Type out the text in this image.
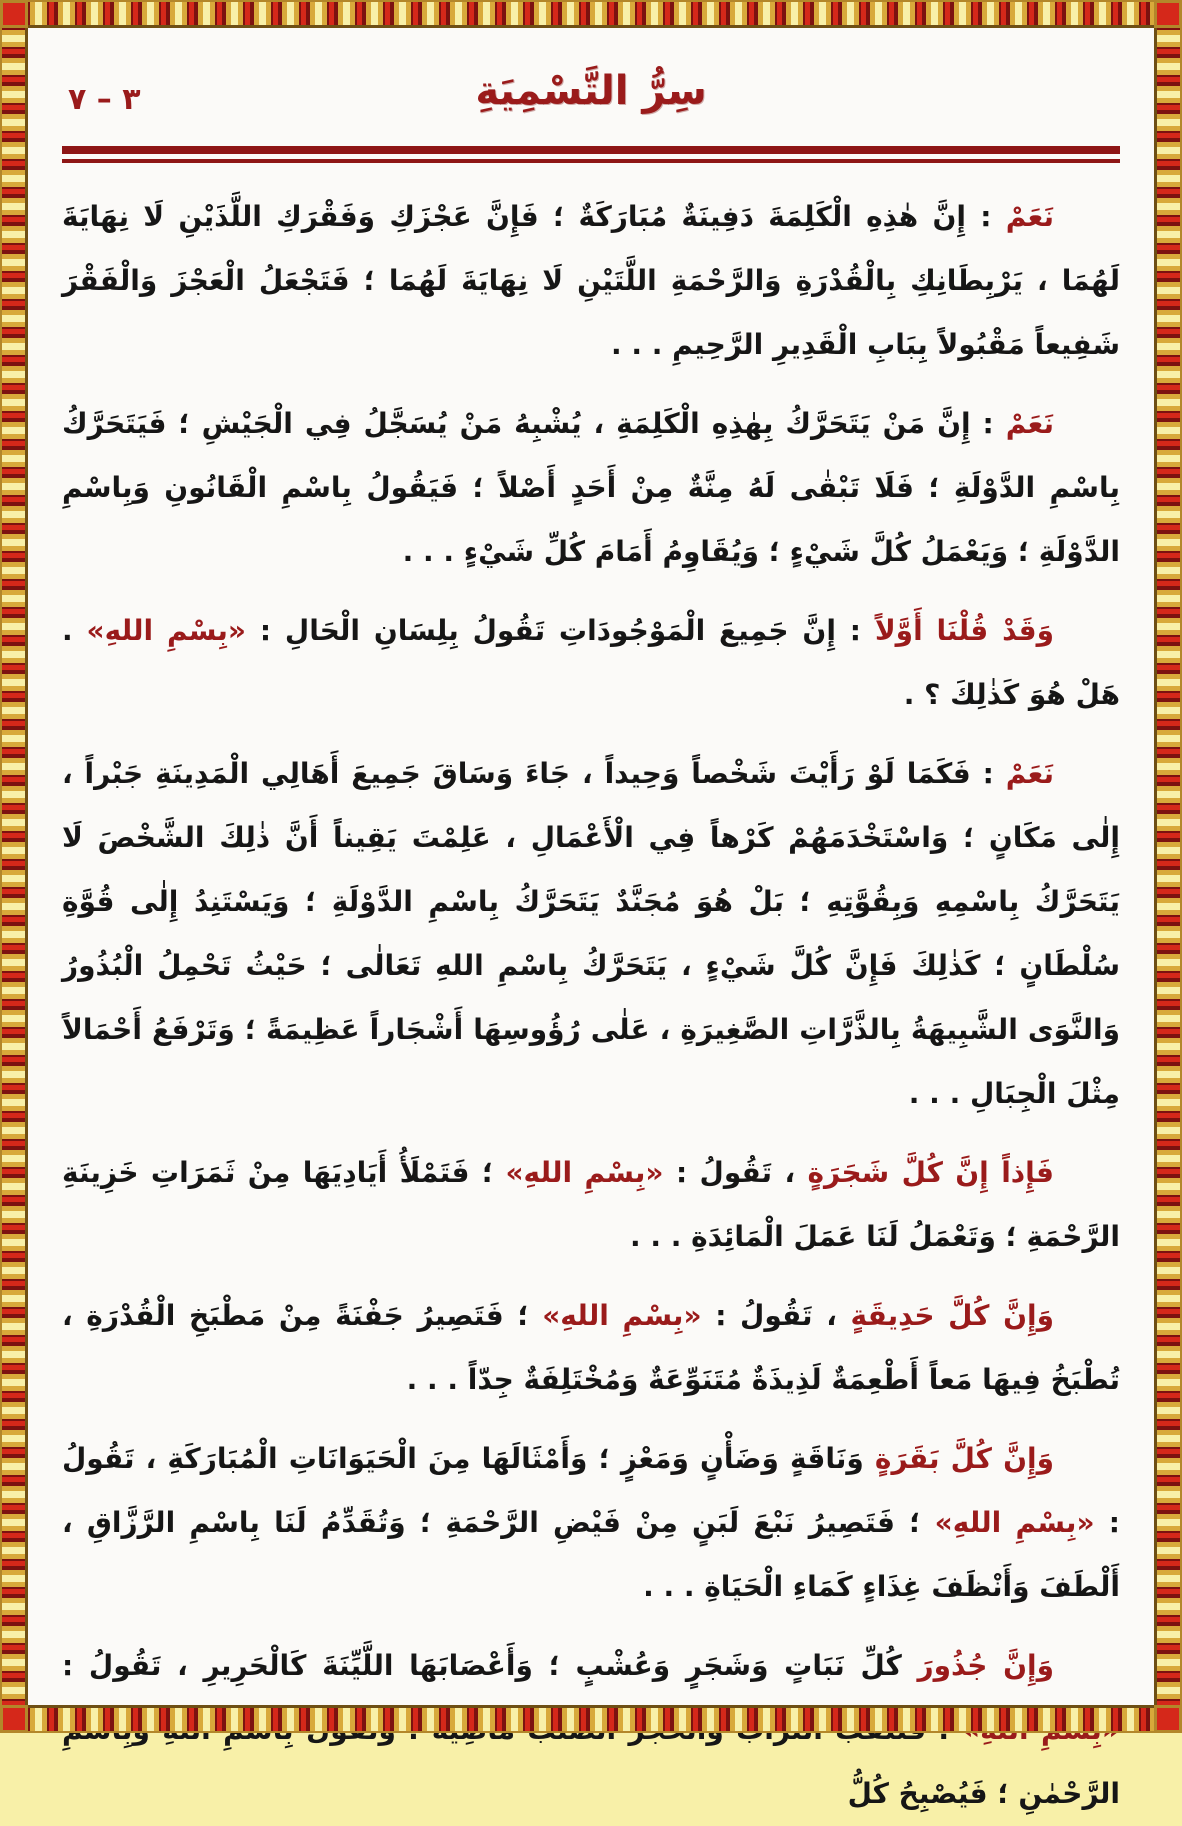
٧ – ٣	سِرُّ التَّسْمِيَةِ

نَعَمْ : إِنَّ هٰذِهِ الْكَلِمَةَ دَفِينَةٌ مُبَارَكَةٌ ؛ فَإِنَّ عَجْزَكِ وَفَقْرَكِ اللَّذَيْنِ لَا نِهَايَةَ لَهُمَا ، يَرْبِطَانِكِ بِالْقُدْرَةِ وَالرَّحْمَةِ اللَّتَيْنِ لَا نِهَايَةَ لَهُمَا ؛ فَتَجْعَلُ الْعَجْزَ وَالْفَقْرَ شَفِيعاً مَقْبُولاً بِبَابِ الْقَدِيرِ الرَّحِيمِ . . .

نَعَمْ : إِنَّ مَنْ يَتَحَرَّكُ بِهٰذِهِ الْكَلِمَةِ ، يُشْبِهُ مَنْ يُسَجَّلُ فِي الْجَيْشِ ؛ فَيَتَحَرَّكُ بِاسْمِ الدَّوْلَةِ ؛ فَلَا تَبْقٰى لَهُ مِنَّةٌ مِنْ أَحَدٍ أَصْلاً ؛ فَيَقُولُ بِاسْمِ الْقَانُونِ وَبِاسْمِ الدَّوْلَةِ ؛ وَيَعْمَلُ كُلَّ شَيْءٍ ؛ وَيُقَاوِمُ أَمَامَ كُلِّ شَيْءٍ . . .

وَقَدْ قُلْنَا أَوَّلاً : إِنَّ جَمِيعَ الْمَوْجُودَاتِ تَقُولُ بِلِسَانِ الْحَالِ : «بِسْمِ اللهِ» . هَلْ هُوَ كَذٰلِكَ ؟ .

نَعَمْ : فَكَمَا لَوْ رَأَيْتَ شَخْصاً وَحِيداً ، جَاءَ وَسَاقَ جَمِيعَ أَهَالِي الْمَدِينَةِ جَبْراً ، إِلٰى مَكَانٍ ؛ وَاسْتَخْدَمَهُمْ كَرْهاً فِي الْأَعْمَالِ ، عَلِمْتَ يَقِيناً أَنَّ ذٰلِكَ الشَّخْصَ لَا يَتَحَرَّكُ بِاسْمِهِ وَبِقُوَّتِهِ ؛ بَلْ هُوَ مُجَنَّدٌ يَتَحَرَّكُ بِاسْمِ الدَّوْلَةِ ؛ وَيَسْتَنِدُ إِلٰى قُوَّةِ سُلْطَانٍ ؛ كَذٰلِكَ فَإِنَّ كُلَّ شَيْءٍ ، يَتَحَرَّكُ بِاسْمِ اللهِ تَعَالٰى ؛ حَيْثُ تَحْمِلُ الْبُذُورُ وَالنَّوَى الشَّبِيهَةُ بِالذَّرَّاتِ الصَّغِيرَةِ ، عَلٰى رُؤُوسِهَا أَشْجَاراً عَظِيمَةً ؛ وَتَرْفَعُ أَحْمَالاً مِثْلَ الْجِبَالِ . . .

فَإِذاً إِنَّ كُلَّ شَجَرَةٍ ، تَقُولُ : «بِسْمِ اللهِ» ؛ فَتَمْلَأُ أَيَادِيَهَا مِنْ ثَمَرَاتِ خَزِينَةِ الرَّحْمَةِ ؛ وَتَعْمَلُ لَنَا عَمَلَ الْمَائِدَةِ . . .

وَإِنَّ كُلَّ حَدِيقَةٍ ، تَقُولُ : «بِسْمِ اللهِ» ؛ فَتَصِيرُ جَفْنَةً مِنْ مَطْبَخِ الْقُدْرَةِ ، تُطْبَخُ فِيهَا مَعاً أَطْعِمَةٌ لَذِيذَةٌ مُتَنَوِّعَةٌ وَمُخْتَلِفَةٌ جِدّاً . . .

وَإِنَّ كُلَّ بَقَرَةٍ وَنَاقَةٍ وَضَأْنٍ وَمَعْزٍ ؛ وَأَمْثَالَهَا مِنَ الْحَيَوَانَاتِ الْمُبَارَكَةِ ، تَقُولُ : «بِسْمِ اللهِ» ؛ فَتَصِيرُ نَبْعَ لَبَنٍ مِنْ فَيْضِ الرَّحْمَةِ ؛ وَتُقَدِّمُ لَنَا بِاسْمِ الرَّزَّاقِ ، أَلْطَفَ وَأَنْظَفَ غِذَاءٍ كَمَاءِ الْحَيَاةِ . . .

وَإِنَّ جُذُورَ كُلِّ نَبَاتٍ وَشَجَرٍ وَعُشْبٍ ؛ وَأَعْصَابَهَا اللَّيِّنَةَ كَالْحَرِيرِ ، تَقُولُ : الرَّحْمٰنِ ؛ فَيُصْبِحُ كُلُّ
